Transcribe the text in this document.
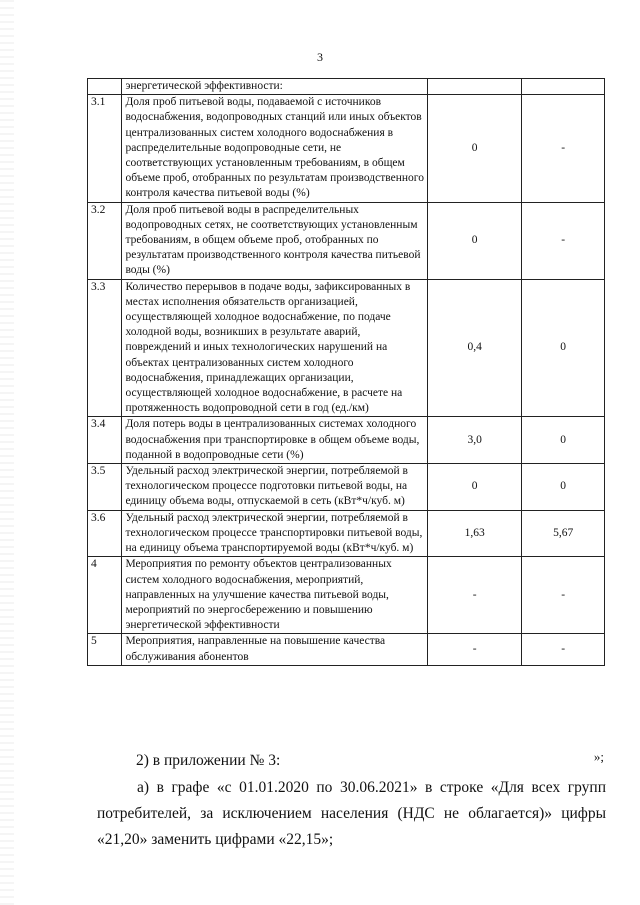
3
	энергетической эффективности:		
3.1	Доля проб питьевой воды, подаваемой с источников водоснабжения, водопроводных станций или иных объектов централизованных систем холодного водоснабжения в распределительные водопроводные сети, не соответствующих установленным требованиям, в общем объеме проб, отобранных по результатам производственного контроля качества питьевой воды (%)	0	-
3.2	Доля проб питьевой воды в распределительных водопроводных сетях, не соответствующих установленным требованиям, в общем объеме проб, отобранных по результатам производственного контроля качества питьевой воды (%)	0	-
3.3	Количество перерывов в подаче воды, зафиксированных в местах исполнения обязательств организацией, осуществляющей холодное водоснабжение, по подаче холодной воды, возникших в результате аварий, повреждений и иных технологических нарушений на объектах централизованных систем холодного водоснабжения, принадлежащих организации, осуществляющей холодное водоснабжение, в расчете на протяженность водопроводной сети в год (ед./км)	0,4	0
3.4	Доля потерь воды в централизованных системах холодного водоснабжения при транспортировке в общем объеме воды, поданной в водопроводные сети (%)	3,0	0
3.5	Удельный расход электрической энергии, потребляемой в технологическом процессе подготовки питьевой воды, на единицу объема воды, отпускаемой в сеть (кВт*ч/куб. м)	0	0
3.6	Удельный расход электрической энергии, потребляемой в технологическом процессе транспортировки питьевой воды, на единицу объема транспортируемой воды (кВт*ч/куб. м)	1,63	5,67
4	Мероприятия по ремонту объектов централизованных систем холодного водоснабжения, мероприятий, направленных на улучшение качества питьевой воды, мероприятий по энергосбережению и повышению энергетической эффективности	-	-
5	Мероприятия, направленные на повышение качества обслуживания абонентов	-	-
»;
2) в приложении № 3:
а) в графе «с 01.01.2020 по 30.06.2021» в строке «Для всех групп потребителей, за исключением населения (НДС не облагается)» цифры «21,20» заменить цифрами «22,15»;
